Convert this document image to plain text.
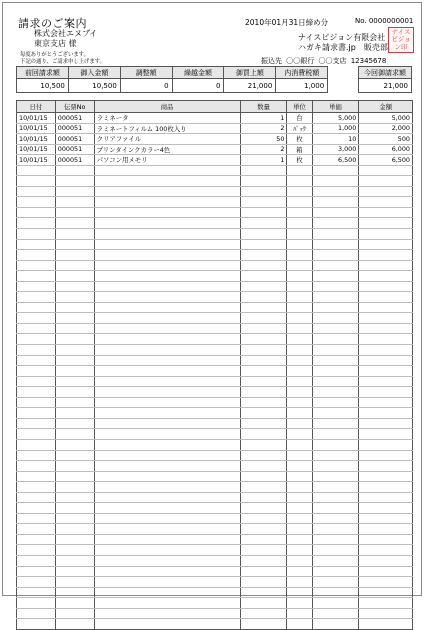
請求のご案内	2010年01月31日締め分	No. 0000000001
株式会社エヌブイ
東京支店 様
毎度ありがとうございます。
下記の通り、ご請求申し上げます。
ナイスビジョン有限会社
ハガキ請求書.jp　販売部
ナイス
ビジョ
ン印
振込先 〇〇銀行 〇〇支店 12345678
前回請求額	御入金額	調整額	繰越金額	御買上額	内消費税額		今回御請求額
10,500	10,500	0	0	21,000	1,000		21,000
日付	伝票No	商品	数量	単位	単価	金額
10/01/15	000051	ラミネータ	1	台	5,000	5,000
10/01/15	000051	ラミネートフィルム 100枚入り	2	ﾊﾟｯｸ	1,000	2,000
10/01/15	000051	クリアファイル	50	枚	10	500
10/01/15	000051	プリンタインクカラー4色	2	箱	3,000	6,000
10/01/15	000051	パソコン用メモリ	1	枚	6,500	6,500
